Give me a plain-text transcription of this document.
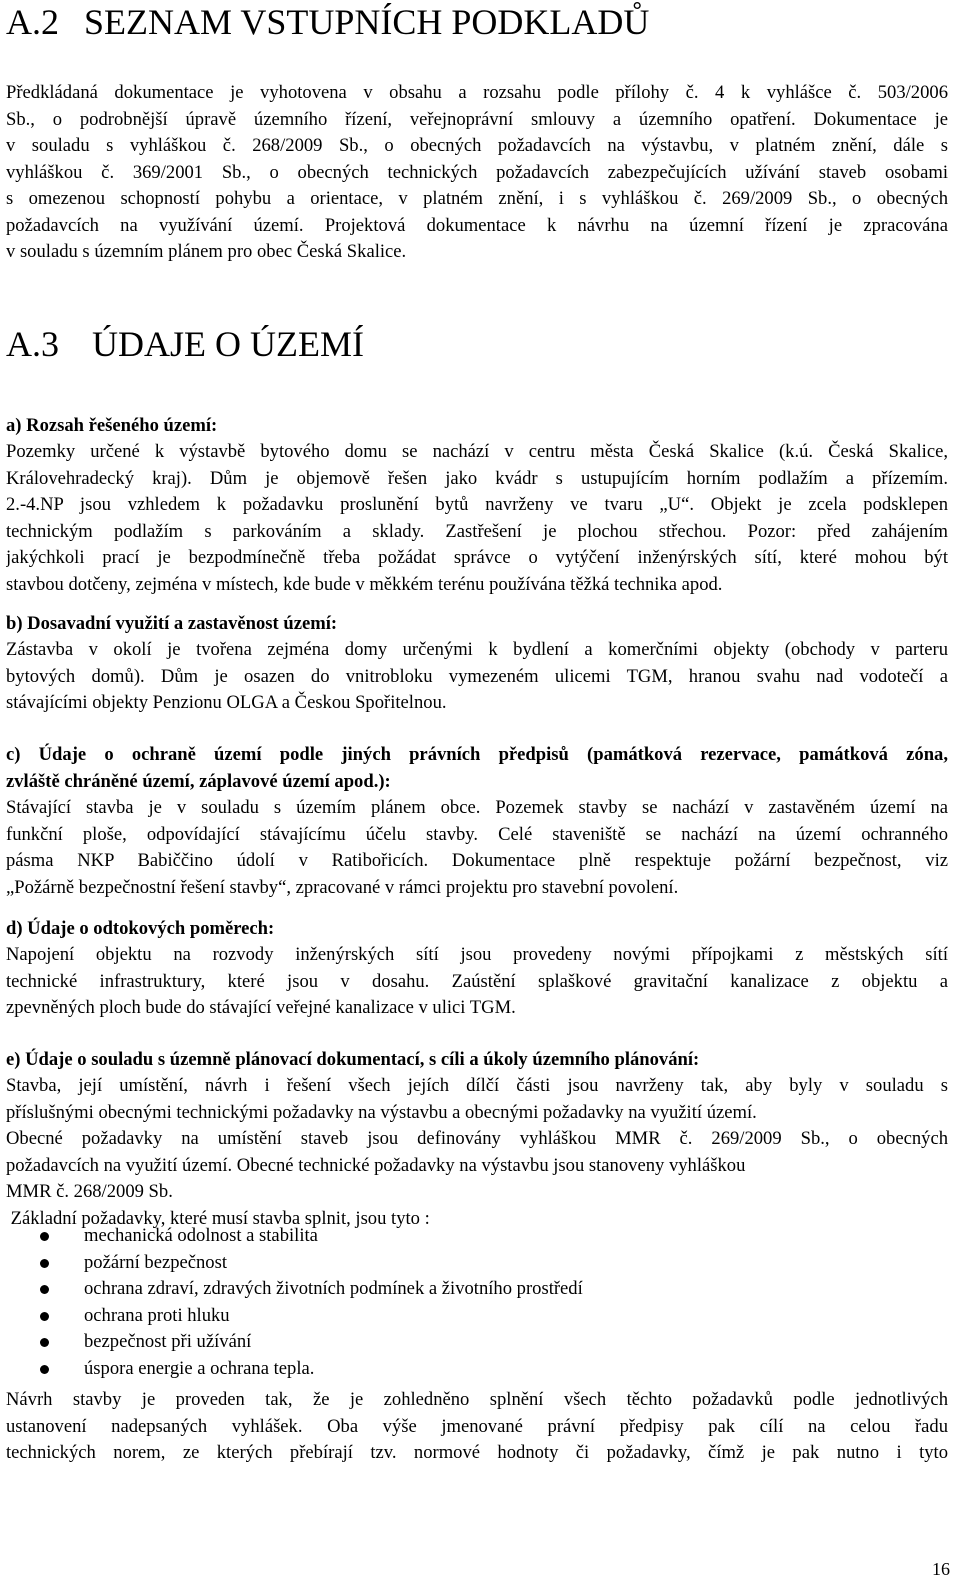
A.2 SEZNAM VSTUPNÍCH PODKLADŮ
Předkládaná dokumentace je vyhotovena v obsahu a rozsahu podle přílohy č. 4 k vyhlášce č. 503/2006
Sb., o podrobnější úpravě územního řízení, veřejnoprávní smlouvy a územního opatření. Dokumentace je
v souladu s vyhláškou č. 268/2009 Sb., o obecných požadavcích na výstavbu, v platném znění, dále s
vyhláškou č. 369/2001 Sb., o obecných technických požadavcích zabezpečujících užívání staveb osobami
s omezenou schopností pohybu a orientace, v platném znění, i s vyhláškou č. 269/2009 Sb., o obecných
požadavcích na využívání území. Projektová dokumentace k návrhu na územní řízení je zpracována
v souladu s územním plánem pro obec Česká Skalice.
A.3 ÚDAJE O ÚZEMÍ
a) Rozsah řešeného území:
Pozemky určené k výstavbě bytového domu se nachází v centru města Česká Skalice (k.ú. Česká Skalice,
Královehradecký kraj). Dům je objemově řešen jako kvádr s ustupujícím horním podlažím a přízemím.
2.-4.NP jsou vzhledem k požadavku proslunění bytů navrženy ve tvaru „U“. Objekt je zcela podsklepen
technickým podlažím s parkováním a sklady. Zastřešení je plochou střechou. Pozor: před zahájením
jakýchkoli prací je bezpodmínečně třeba požádat správce o vytýčení inženýrských sítí, které mohou být
stavbou dotčeny, zejména v místech, kde bude v měkkém terénu používána těžká technika apod.
b) Dosavadní využití a zastavěnost území:
Zástavba v okolí je tvořena zejména domy určenými k bydlení a komerčními objekty (obchody v parteru
bytových domů). Dům je osazen do vnitrobloku vymezeném ulicemi TGM, hranou svahu nad vodotečí a
stávajícími objekty Penzionu OLGA a Českou Spořitelnou.
c) Údaje o ochraně území podle jiných právních předpisů (památková rezervace, památková zóna,
zvláště chráněné území, záplavové území apod.):
Stávající stavba je v souladu s územím plánem obce. Pozemek stavby se nachází v zastavěném území na
funkční ploše, odpovídající stávajícímu účelu stavby. Celé staveniště se nachází na území ochranného
pásma NKP Babiččino údolí v Ratibořicích. Dokumentace plně respektuje požární bezpečnost, viz
„Požárně bezpečnostní řešení stavby“, zpracované v rámci projektu pro stavební povolení.
d) Údaje o odtokových poměrech:
Napojení objektu na rozvody inženýrských sítí jsou provedeny novými přípojkami z městských sítí
technické infrastruktury, které jsou v dosahu. Zaústění splaškové gravitační kanalizace z objektu a
zpevněných ploch bude do stávající veřejné kanalizace v ulici TGM.
e) Údaje o souladu s územně plánovací dokumentací, s cíli a úkoly územního plánování:
Stavba, její umístění, návrh i řešení všech jejích dílčí části jsou navrženy tak, aby byly v souladu s
příslušnými obecnými technickými požadavky na výstavbu a obecnými požadavky na využití území.
Obecné požadavky na umístění staveb jsou definovány vyhláškou MMR č. 269/2009 Sb., o obecných
požadavcích na využití území. Obecné technické požadavky na výstavbu jsou stanoveny vyhláškou
MMR č. 268/2009 Sb.
Základní požadavky, které musí stavba splnit, jsou tyto :
mechanická odolnost a stabilita
požární bezpečnost
ochrana zdraví, zdravých životních podmínek a životního prostředí
ochrana proti hluku
bezpečnost při užívání
úspora energie a ochrana tepla.
Návrh stavby je proveden tak, že je zohledněno splnění všech těchto požadavků podle jednotlivých
ustanovení nadepsaných vyhlášek. Oba výše jmenované právní předpisy pak cílí na celou řadu
technických norem, ze kterých přebírají tzv. normové hodnoty či požadavky, čímž je pak nutno i tyto
16
